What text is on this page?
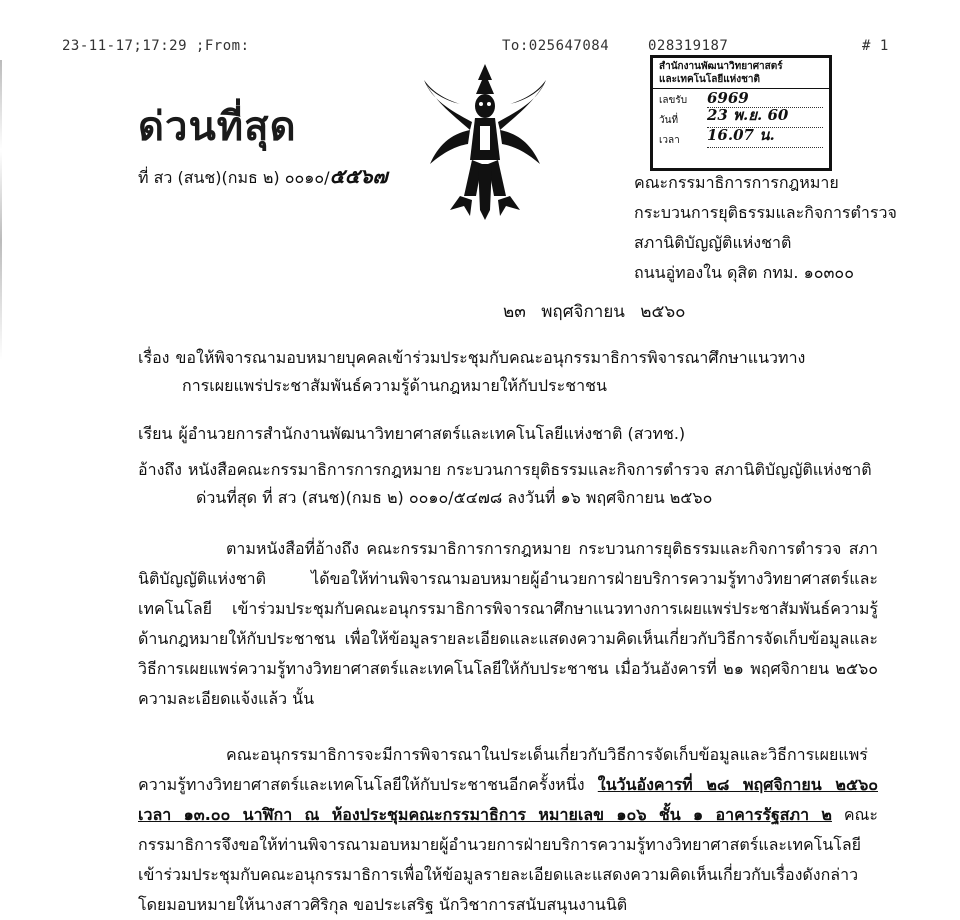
23-11-17;17:29 ;From:	To:025647084	028319187	# 1
ด่วนที่สุด
ที่ สว (สนช)(กมธ ๒) ๐๐๑๐/๕๕๖๗
สำนักงานพัฒนาวิทยาศาสตร์
และเทคโนโลยีแห่งชาติ
เลขรับ	6969
วันที่	23 พ.ย. 60
เวลา	16.07 น.
คณะกรรมาธิการการกฎหมาย
กระบวนการยุติธรรมและกิจการตำรวจ
สภานิติบัญญัติแห่งชาติ
ถนนอู่ทองใน ดุสิต กทม. ๑๐๓๐๐
๒๓ พฤศจิกายน ๒๕๖๐
เรื่อง ขอให้พิจารณามอบหมายบุคคลเข้าร่วมประชุมกับคณะอนุกรรมาธิการพิจารณาศึกษาแนวทาง
การเผยแพร่ประชาสัมพันธ์ความรู้ด้านกฎหมายให้กับประชาชน
เรียน ผู้อำนวยการสำนักงานพัฒนาวิทยาศาสตร์และเทคโนโลยีแห่งชาติ (สวทช.)
อ้างถึง หนังสือคณะกรรมาธิการการกฎหมาย กระบวนการยุติธรรมและกิจการตำรวจ สภานิติบัญญัติแห่งชาติ
ด่วนที่สุด ที่ สว (สนช)(กมธ ๒) ๐๐๑๐/๕๔๗๘ ลงวันที่ ๑๖ พฤศจิกายน ๒๕๖๐
ตามหนังสือที่อ้างถึง คณะกรรมาธิการการกฎหมาย กระบวนการยุติธรรมและกิจการตำรวจ สภานิติบัญญัติแห่งชาติ ได้ขอให้ท่านพิจารณามอบหมายผู้อำนวยการฝ่ายบริการความรู้ทางวิทยาศาสตร์และเทคโนโลยี เข้าร่วมประชุมกับคณะอนุกรรมาธิการพิจารณาศึกษาแนวทางการเผยแพร่ประชาสัมพันธ์ความรู้ด้านกฎหมายให้กับประชาชน เพื่อให้ข้อมูลรายละเอียดและแสดงความคิดเห็นเกี่ยวกับวิธีการจัดเก็บข้อมูลและวิธีการเผยแพร่ความรู้ทางวิทยาศาสตร์และเทคโนโลยีให้กับประชาชน เมื่อวันอังคารที่ ๒๑ พฤศจิกายน ๒๕๖๐ ความละเอียดแจ้งแล้ว นั้น
คณะอนุกรรมาธิการจะมีการพิจารณาในประเด็นเกี่ยวกับวิธีการจัดเก็บข้อมูลและวิธีการเผยแพร่ความรู้ทางวิทยาศาสตร์และเทคโนโลยีให้กับประชาชนอีกครั้งหนึ่ง ในวันอังคารที่ ๒๘ พฤศจิกายน ๒๕๖๐ เวลา ๑๓.๐๐ นาฬิกา ณ ห้องประชุมคณะกรรมาธิการ หมายเลข ๑๐๖ ชั้น ๑ อาคารรัฐสภา ๒ คณะกรรมาธิการจึงขอให้ท่านพิจารณามอบหมายผู้อำนวยการฝ่ายบริการความรู้ทางวิทยาศาสตร์และเทคโนโลยี เข้าร่วมประชุมกับคณะอนุกรรมาธิการเพื่อให้ข้อมูลรายละเอียดและแสดงความคิดเห็นเกี่ยวกับเรื่องดังกล่าว โดยมอบหมายให้นางสาวศิริกุล ขอประเสริฐ นักวิชาการสนับสนุนงานนิติ
